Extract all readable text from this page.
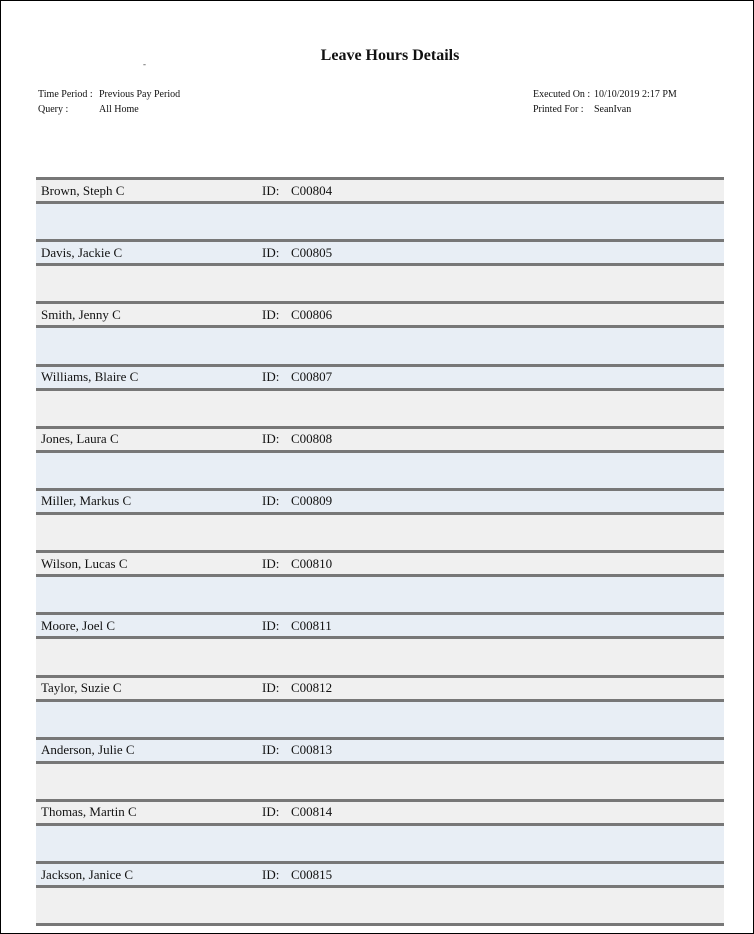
Leave Hours Details
-
Time Period : Previous Pay Period
Query :	All Home
Executed On : 10/10/2019 2:17 PM
Printed For :	SeanIvan
Brown, Steph C	ID: C00804
Davis, Jackie C	ID: C00805
Smith, Jenny C	ID: C00806
Williams, Blaire C	ID: C00807
Jones, Laura C	ID: C00808
Miller, Markus C	ID: C00809
Wilson, Lucas C	ID: C00810
Moore, Joel C	ID: C00811
Taylor, Suzie C	ID: C00812
Anderson, Julie C	ID: C00813
Thomas, Martin C	ID: C00814
Jackson, Janice C	ID: C00815
